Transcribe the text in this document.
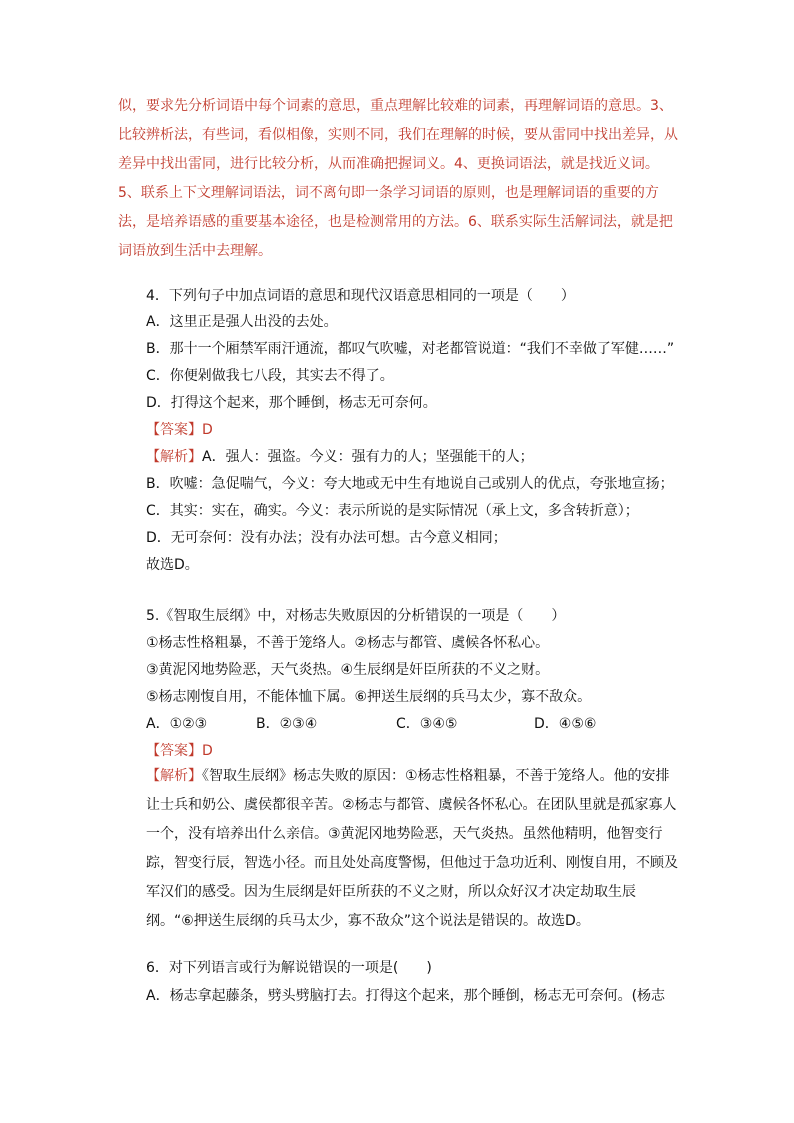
似，要求先分析词语中每个词素的意思，重点理解比较难的词素，再理解词语的意思。3、比较辨析法，有些词，看似相像，实则不同，我们在理解的时候，要从雷同中找出差异，从差异中找出雷同，进行比较分析，从而准确把握词义。4、更换词语法，就是找近义词。5、联系上下文理解词语法，词不离句即一条学习词语的原则，也是理解词语的重要的方法，是培养语感的重要基本途径，也是检测常用的方法。6、联系实际生活解词法，就是把词语放到生活中去理解。
4．下列句子中加点词语的意思和现代汉语意思相同的一项是（　　）
A．这里正是强人出没的去处。
B．那十一个厢禁军雨汗通流，都叹气吹嘘，对老都管说道：“我们不幸做了军健……”
C．你便剁做我七八段，其实去不得了。
D．打得这个起来，那个睡倒，杨志无可奈何。
【答案】D
【解析】A．强人：强盗。今义：强有力的人；坚强能干的人；
B．吹嘘：急促喘气，今义：夸大地或无中生有地说自己或别人的优点，夸张地宣扬；
C．其实：实在，确实。今义：表示所说的是实际情况（承上文，多含转折意）；
D．无可奈何：没有办法；没有办法可想。古今意义相同；
故选D。
5.《智取生辰纲》中，对杨志失败原因的分析错误的一项是（　　）
①杨志性格粗暴，不善于笼络人。②杨志与都管、虞候各怀私心。
③黄泥冈地势险恶，天气炎热。④生辰纲是奸臣所获的不义之财。
⑤杨志刚愎自用，不能体恤下属。⑥押送生辰纲的兵马太少，寡不敌众。
A．①②③	B．②③④	C．③④⑤	D．④⑤⑥
【答案】D
【解析】《智取生辰纲》杨志失败的原因：①杨志性格粗暴，不善于笼络人。他的安排让士兵和奶公、虞侯都很辛苦。②杨志与都管、虞候各怀私心。在团队里就是孤家寡人一个，没有培养出什么亲信。③黄泥冈地势险恶，天气炎热。虽然他精明，他智变行踪，智变行辰，智选小径。而且处处高度警惕，但他过于急功近利、刚愎自用，不顾及军汉们的感受。因为生辰纲是奸臣所获的不义之财，所以众好汉才决定劫取生辰纲。“⑥押送生辰纲的兵马太少，寡不敌众”这个说法是错误的。故选D。
6．对下列语言或行为解说错误的一项是(　　)
A．杨志拿起藤条，劈头劈脑打去。打得这个起来，那个睡倒，杨志无可奈何。(杨志
